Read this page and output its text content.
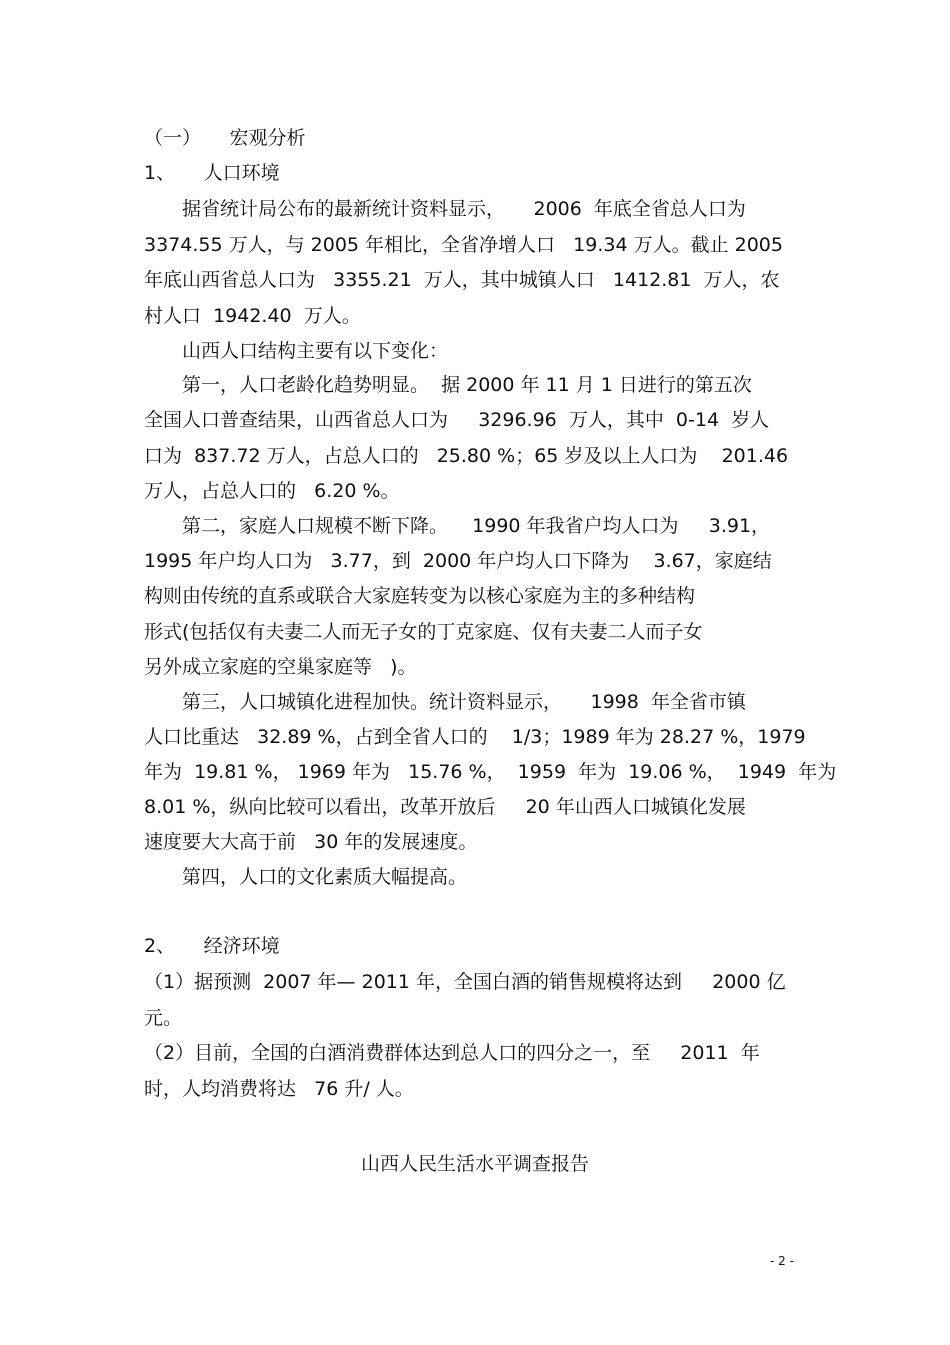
（一）　　宏观分析
1、　　人口环境
　　据省统计局公布的最新统计资料显示，　　2006  年底全省总人口为
3374.55 万人，与 2005 年相比，全省净增人口   19.34 万人。截止 2005
年底山西省总人口为   3355.21  万人，其中城镇人口   1412.81  万人，农
村人口  1942.40  万人。
　　山西人口结构主要有以下变化：
　　第一，人口老龄化趋势明显。  据 2000 年 11 月 1 日进行的第五次
全国人口普查结果，山西省总人口为     3296.96  万人，其中  0-14  岁人
口为  837.72 万人，占总人口的   25.80 %；65 岁及以上人口为    201.46
万人，占总人口的   6.20 %。
　　第二，家庭人口规模不断下降。    1990 年我省户均人口为     3.91，
1995 年户均人口为   3.77，到  2000 年户均人口下降为    3.67，家庭结
构则由传统的直系或联合大家庭转变为以核心家庭为主的多种结构
形式(包括仅有夫妻二人而无子女的丁克家庭、仅有夫妻二人而子女
另外成立家庭的空巢家庭等   )。
　　第三，人口城镇化进程加快。统计资料显示，　　1998  年全省市镇
人口比重达   32.89 %，占到全省人口的    1/3；1989 年为 28.27 %，1979
年为  19.81 %， 1969 年为   15.76 %，  1959  年为  19.06 %，  1949  年为
8.01 %，纵向比较可以看出，改革开放后     20 年山西人口城镇化发展
速度要大大高于前   30 年的发展速度。
　　第四，人口的文化素质大幅提高。
2、　　经济环境
（1）据预测  2007 年— 2011 年，全国白酒的销售规模将达到     2000 亿
元。
（2）目前，全国的白酒消费群体达到总人口的四分之一，至     2011  年
时，人均消费将达   76 升/ 人。
山西人民生活水平调查报告
- 2 -
